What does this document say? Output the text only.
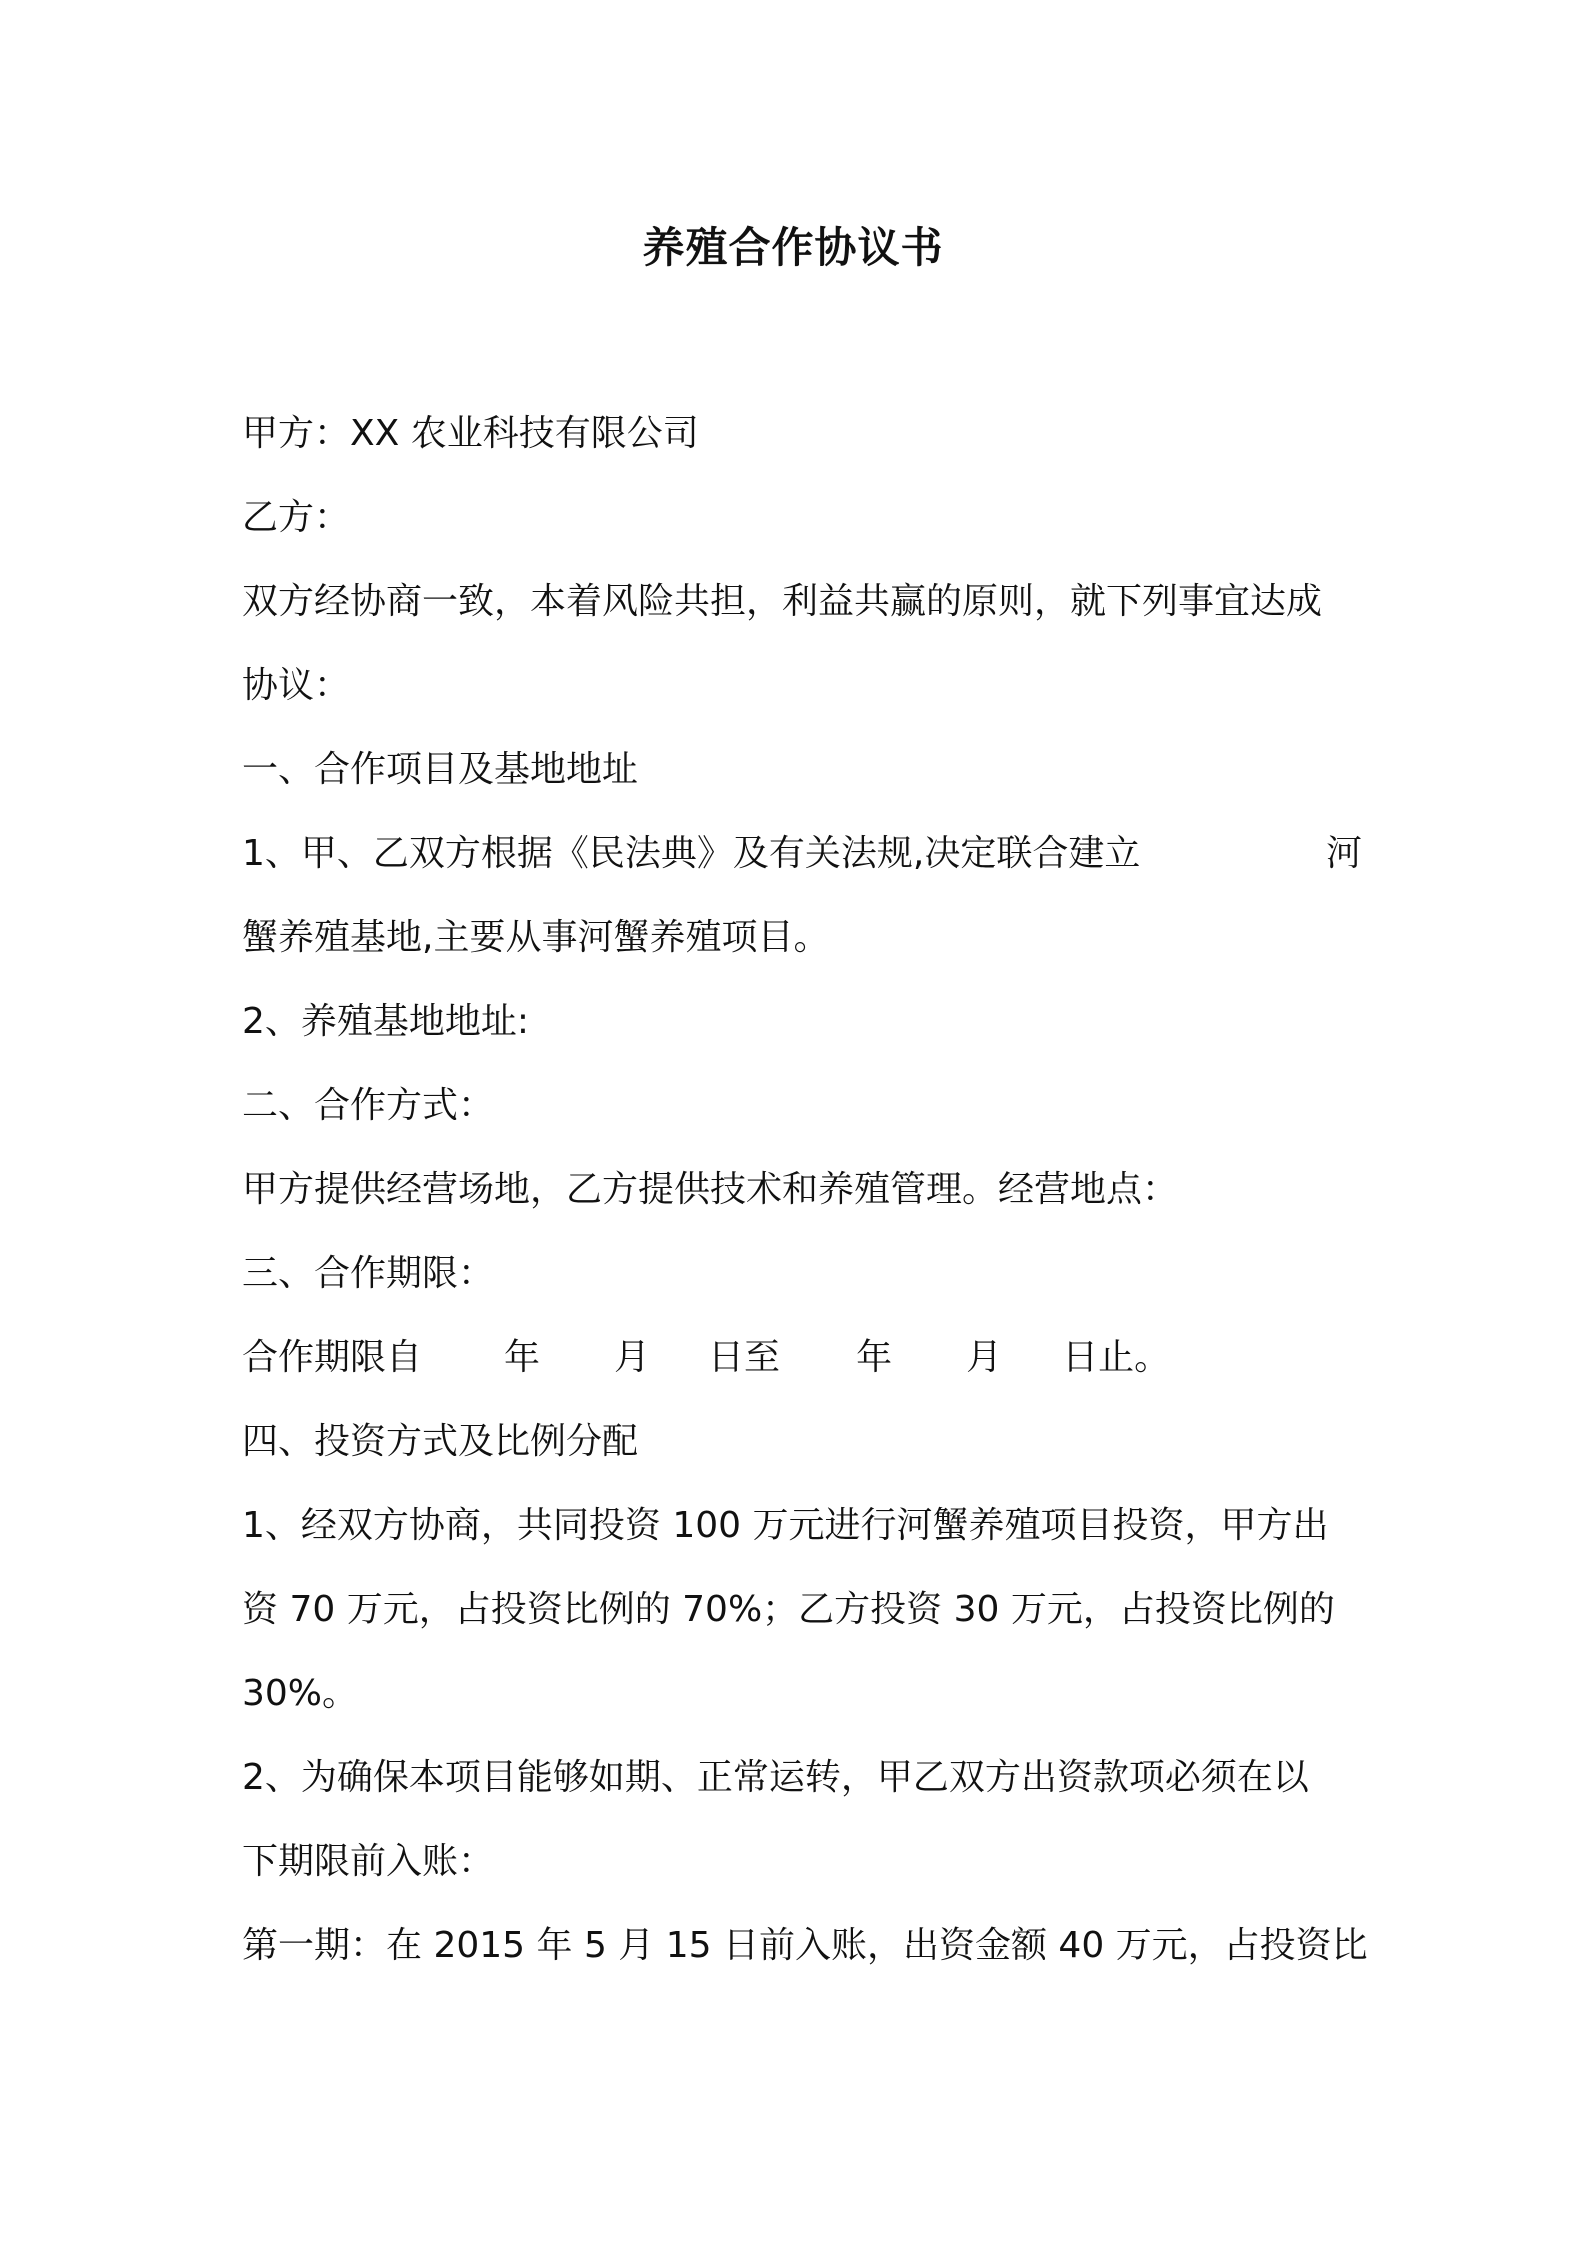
养殖合作协议书
甲方：XX 农业科技有限公司
乙方：
双方经协商一致，本着风险共担，利益共赢的原则，就下列事宜达成
协议：
一、合作项目及基地地址
1、甲、乙双方根据《民法典》及有关法规,决定联合建立	河
蟹养殖基地,主要从事河蟹养殖项目。
2、养殖基地地址:
二、合作方式：
甲方提供经营场地，乙方提供技术和养殖管理。经营地点：
三、合作期限：
合作期限自 年 月 日至 年 月 日止。
四、投资方式及比例分配
1、经双方协商，共同投资 100 万元进行河蟹养殖项目投资，甲方出
资 70 万元，占投资比例的 70%；乙方投资 30 万元，占投资比例的
30%。
2、为确保本项目能够如期、正常运转，甲乙双方出资款项必须在以
下期限前入账：
第一期：在 2015 年 5 月 15 日前入账，出资金额 40 万元，占投资比
